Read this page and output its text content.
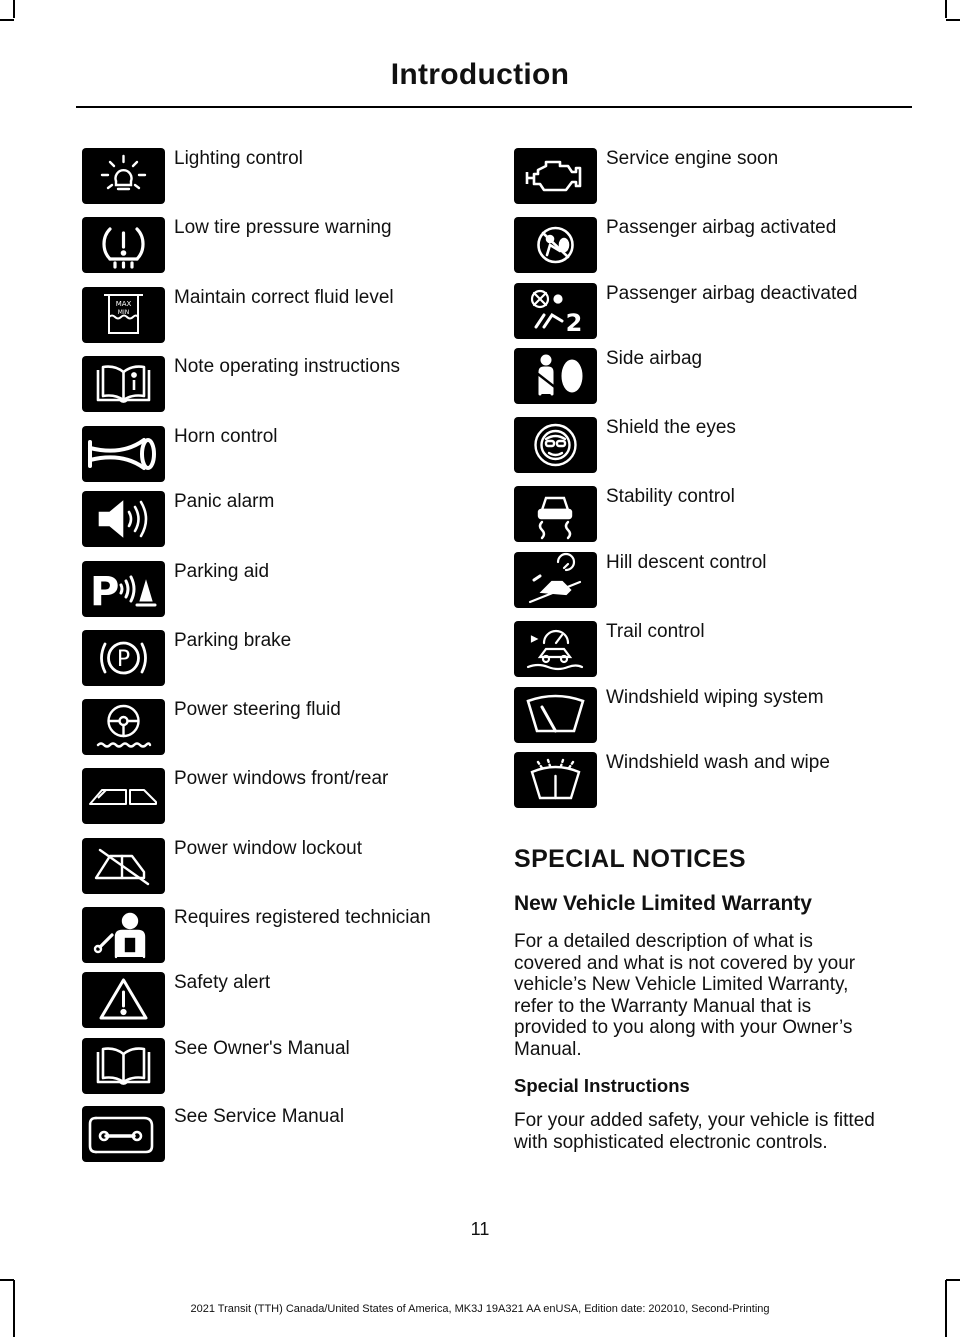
Introduction
Lighting control
Low tire pressure warning
MAX
MIN
Maintain correct fluid level
Note operating instructions
Horn control
Panic alarm
P	Parking aid
P
Parking brake
Power steering fluid
Power windows front/rear
Power window lockout
Requires registered technician
Safety alert
See Owner's Manual
See Service Manual
Service engine soon
Passenger airbag activated
2
Passenger airbag deactivated
Side airbag
Shield the eyes
Stability control
Hill descent control
Trail control
Windshield wiping system
Windshield wash and wipe
SPECIAL NOTICES
New Vehicle Limited Warranty
For a detailed description of what is
covered and what is not covered by your
vehicle’s New Vehicle Limited Warranty,
refer to the Warranty Manual that is
provided to you along with your Owner’s
Manual.
Special Instructions
For your added safety, your vehicle is fitted
with sophisticated electronic controls.
11
2021 Transit (TTH) Canada/United States of America, MK3J 19A321 AA enUSA, Edition date: 202010, Second-Printing
